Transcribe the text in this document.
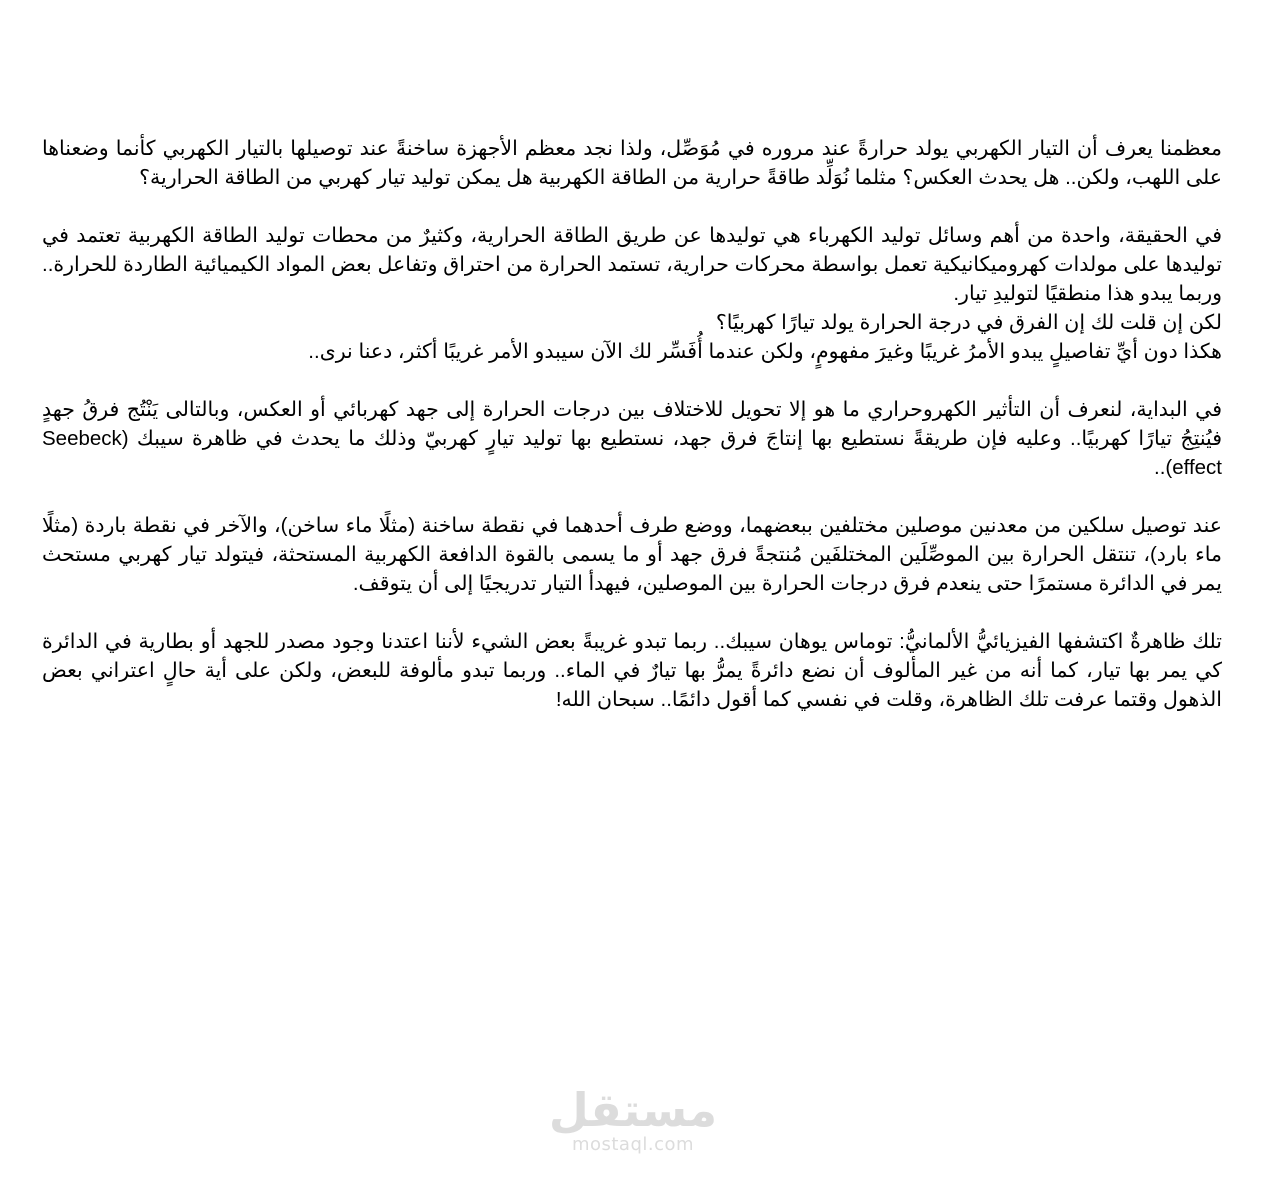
معظمنا يعرف أن التيار الكهربي يولد حرارةً عند مروره في مُوَصِّل، ولذا نجد معظم الأجهزة ساخنةً عند توصيلها بالتيار الكهربي كأنما وضعناها على اللهب، ولكن.. هل يحدث العكس؟ مثلما نُوَلِّد طاقةً حرارية من الطاقة الكهربية هل يمكن توليد تيار كهربي من الطاقة الحرارية؟

في الحقيقة، واحدة من أهم وسائل توليد الكهرباء هي توليدها عن طريق الطاقة الحرارية، وكثيرٌ من محطات توليد الطاقة الكهربية تعتمد في توليدها على مولدات كهروميكانيكية تعمل بواسطة محركات حرارية، تستمد الحرارة من احتراق وتفاعل بعض المواد الكيميائية الطاردة للحرارة.. وربما يبدو هذا منطقيًا لتوليدِ تيار.
لكن إن قلت لك إن الفرق في درجة الحرارة يولد تيارًا كهربيًا؟
هكذا دون أيِّ تفاصيلٍ يبدو الأمرُ غريبًا وغيرَ مفهومٍ، ولكن عندما أُفَسِّر لك الآن سيبدو الأمر غريبًا أكثر، دعنا نرى..

في البداية، لنعرف أن التأثير الكهروحراري ما هو إلا تحويل للاختلاف بين درجات الحرارة إلى جهد كهربائي أو العكس، وبالتالى يَنْتُج فرقُ جهدٍ فيُنتِجُ تيارًا كهربيًا.. وعليه فإن طريقةً نستطيع بها إنتاجَ فرق جهد، نستطيع بها توليد تيارٍ كهربيّ وذلك ما يحدث في ظاهرة سيبك (Seebeck effect)..

عند توصيل سلكين من معدنين موصلين مختلفين ببعضهما، ووضع طرف أحدهما في نقطة ساخنة (مثلًا ماء ساخن)، والآخر في نقطة باردة (مثلًا ماء بارد)، تنتقل الحرارة بين الموصِّلَين المختلفَين مُنتجةً فرق جهد أو ما يسمى بالقوة الدافعة الكهربية المستحثة، فيتولد تيار كهربي مستحث يمر في الدائرة مستمرًا حتى ينعدم فرق درجات الحرارة بين الموصلين، فيهدأ التيار تدريجيًا إلى أن يتوقف.

تلك ظاهرةٌ اكتشفها الفيزيائيُّ الألمانيُّ: توماس يوهان سيبك.. ربما تبدو غريبةً بعض الشيء لأننا اعتدنا وجود مصدر للجهد أو بطارية في الدائرة كي يمر بها تيار، كما أنه من غير المألوف أن نضع دائرةً يمرُّ بها تيارٌ في الماء.. وربما تبدو مألوفة للبعض، ولكن على أية حالٍ اعتراني بعض الذهول وقتما عرفت تلك الظاهرة، وقلت في نفسي كما أقول دائمًا.. سبحان الله!

مستقل
mostaql.com
